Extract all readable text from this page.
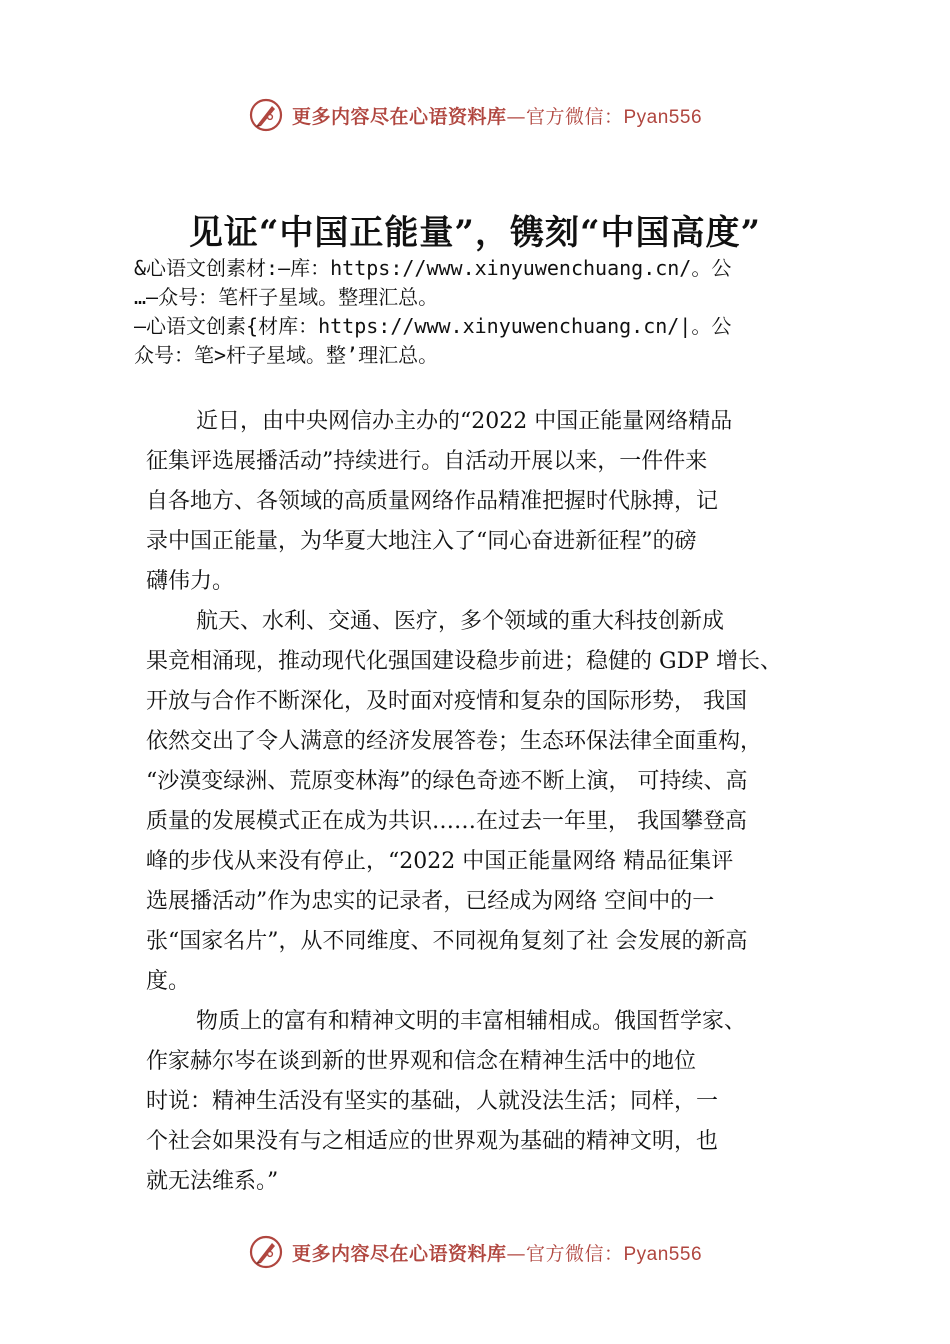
更多内容尽在心语资料库—官方微信：Pyan556
见证“中国正能量”，镌刻“中国高度”
&心语文创素材:—库：https://www.xinyuwenchuang.cn/。公
…—众号：笔杆子星域。整理汇总。
—心语文创素{材库：https://www.xinyuwenchuang.cn/|。公
众号：笔>杆子星域。整’理汇总。
近日，由中央网信办主办的“2022 中国正能量网络精品
征集评选展播活动”持续进行。自活动开展以来，一件件来
自各地方、各领域的高质量网络作品精准把握时代脉搏，记
录中国正能量，为华夏大地注入了“同心奋进新征程”的磅
礴伟力。
航天、水利、交通、医疗，多个领域的重大科技创新成
果竞相涌现，推动现代化强国建设稳步前进；稳健的 GDP 增长、
开放与合作不断深化，及时面对疫情和复杂的国际形势， 我国
依然交出了令人满意的经济发展答卷；生态环保法律全面重构，
“沙漠变绿洲、荒原变林海”的绿色奇迹不断上演， 可持续、高
质量的发展模式正在成为共识……在过去一年里， 我国攀登高
峰的步伐从来没有停止，“2022 中国正能量网络 精品征集评
选展播活动”作为忠实的记录者，已经成为网络 空间中的一
张“国家名片”，从不同维度、不同视角复刻了社 会发展的新高
度。
物质上的富有和精神文明的丰富相辅相成。俄国哲学家、
作家赫尔岑在谈到新的世界观和信念在精神生活中的地位
时说：精神生活没有坚实的基础，人就没法生活；同样，一
个社会如果没有与之相适应的世界观为基础的精神文明，也
就无法维系。”
更多内容尽在心语资料库—官方微信：Pyan556
